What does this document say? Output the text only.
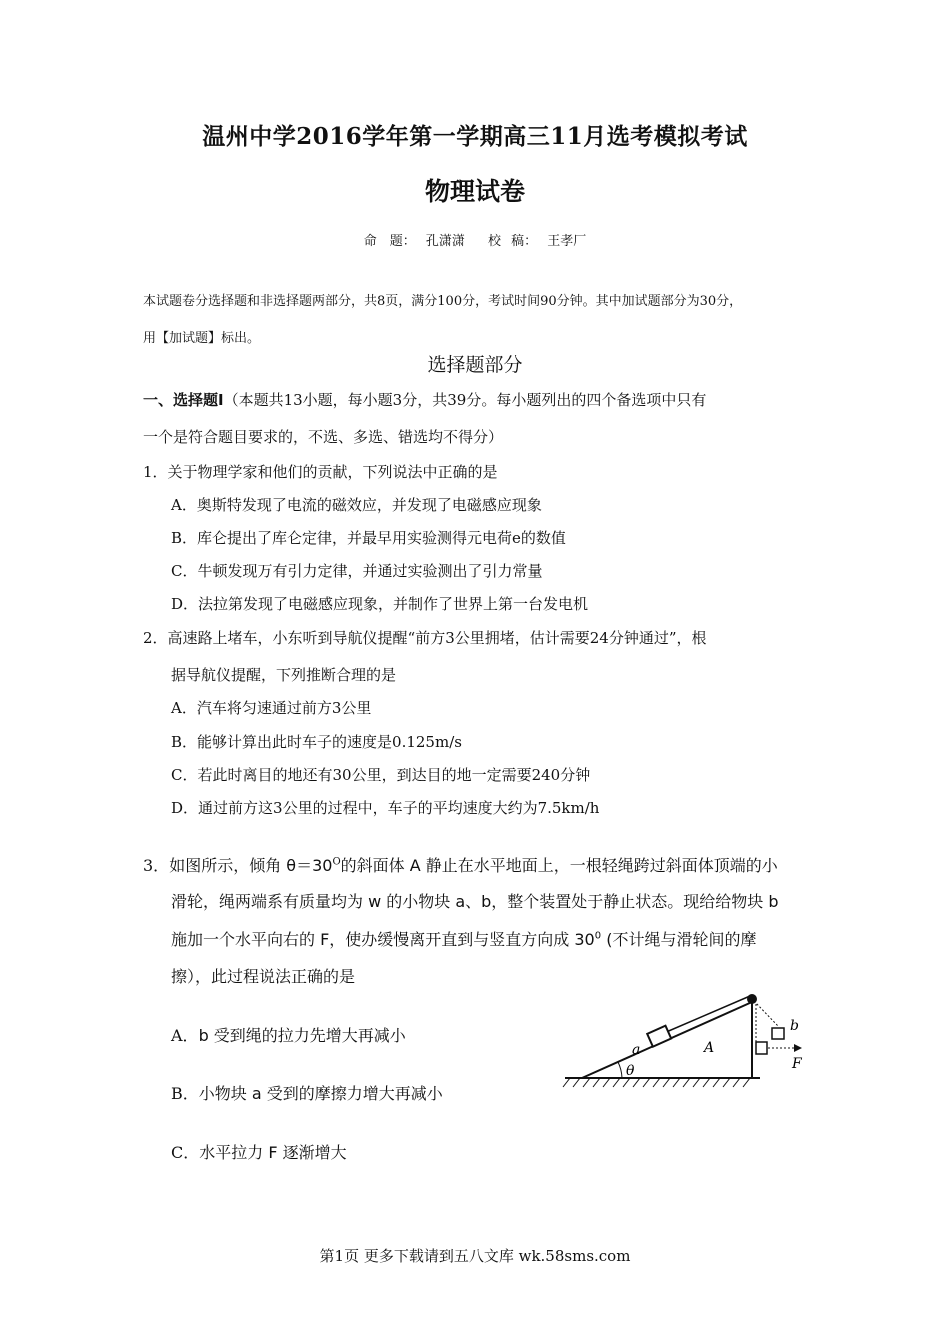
温州中学2016学年第一学期高三11月选考模拟考试
物理试卷
命　题： 孔潇潇　 校 稿： 王孝厂
本试题卷分选择题和非选择题两部分，共8页，满分100分，考试时间90分钟。其中加试题部分为30分，
用【加试题】标出。
选择题部分
一、选择题Ⅰ（本题共13小题，每小题3分，共39分。每小题列出的四个备选项中只有
一个是符合题目要求的，不选、多选、错选均不得分）
1．关于物理学家和他们的贡献，下列说法中正确的是
A．奥斯特发现了电流的磁效应，并发现了电磁感应现象
B．库仑提出了库仑定律，并最早用实验测得元电荷e的数值
C．牛顿发现万有引力定律，并通过实验测出了引力常量
D．法拉第发现了电磁感应现象，并制作了世界上第一台发电机
2．高速路上堵车，小东听到导航仪提醒“前方3公里拥堵，估计需要24分钟通过”，根
据导航仪提醒，下列推断合理的是
A．汽车将匀速通过前方3公里
B．能够计算出此时车子的速度是0.125m/s
C．若此时离目的地还有30公里，到达目的地一定需要240分钟
D．通过前方这3公里的过程中，车子的平均速度大约为7.5km/h
3．如图所示，倾角 $\theta=30^O$的斜面体 A 静止在水平地面上，一根轻绳跨过斜面体顶端的小
滑轮，绳两端系有质量均为 w 的小物块 a、b，整个装置处于静止状态。现给给物块 b
施加一个水平向右的 F，使办缓慢离开直到与竖直方向成 $30^0$ (不计绳与滑轮间的摩
擦），此过程说法正确的是
A．b 受到绳的拉力先增大再减小
B．小物块 a 受到的摩擦力增大再减小
C．水平拉力 F 逐渐增大
a	A
θ
b
F
第1页 更多下载请到五八文库 wk.58sms.com
